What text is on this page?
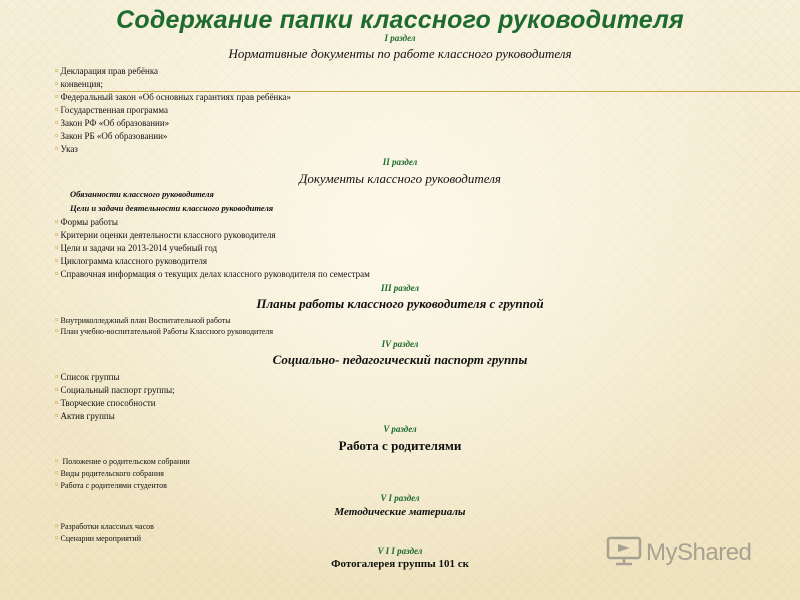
Содержание папки классного руководителя
I раздел
Нормативные документы по работе классного руководителя
¤ Декларация прав ребёнка
¤ конвенция;
¤ Федеральный закон «Об основных гарантиях прав ребёнка»
¤ Государственная программа
¤ Закон РФ «Об образовании»
¤ Закон РБ «Об образовании»
¤ Указ
II раздел
Документы классного руководителя
Обязанности классного руководителя
Цели и задачи деятельности классного руководителя
¤ Формы работы
¤ Критерии оценки деятельности классного руководителя
¤ Цели и задачи на 2013-2014 учебный год
¤ Циклограмма классного руководителя
¤ Справочная информация о текущих делах классного руководителя по семестрам
III раздел
Планы работы классного руководителя с группой
¤ Внутриколледжный план Воспитательной работы
¤ План учебно-воспитательной Работы Классного руководителя
IV раздел
Социально- педагогический паспорт группы
¤ Список группы
¤ Социальный паспорт группы;
¤ Творческие способности
¤ Актив группы
V раздел
Работа с родителями
¤ Положение о родительском собрании
¤ Виды родительского собрания
¤ Работа с родителями студентов
V I раздел
Методические материалы
¤ Разработки классных часов
¤ Сценарии мероприятий
V I I раздел
Фотогалерея группы 101 ск	MyShared
